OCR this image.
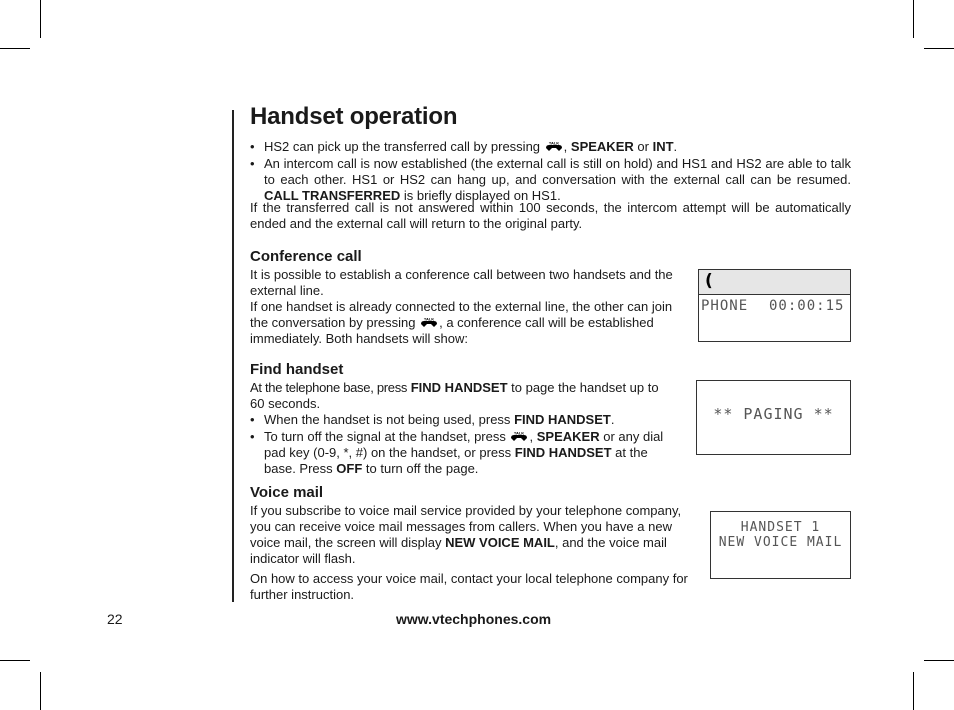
Handset operation
• HS2 can pick up the transferred call by pressing TALK , SPEAKER or INT.
• An intercom call is now established (the external call is still on hold) and HS1 and HS2 are able to talk to each other. HS1 or HS2 can hang up, and conversation with the external call can be resumed. CALL TRANSFERRED is briefly displayed on HS1.

If the transferred call is not answered within 100 seconds, the intercom attempt will be automatically ended and the external call will return to the original party.

Conference call

It is possible to establish a conference call between two handsets and the external line.
If one handset is already connected to the external line, the other can join the conversation by pressing TALK , a conference call will be established immediately. Both handsets will show:

(
PHONE 00:00:15
Find handset

At the telephone base, press FIND HANDSET to page the handset up to 60 seconds.

• When the handset is not being used, press FIND HANDSET.
• To turn off the signal at the handset, press TALK , SPEAKER or any dial pad key (0-9, *, #) on the handset, or press FIND HANDSET at the base. Press OFF to turn off the page.
** PAGING **
Voice mail

If you subscribe to voice mail service provided by your telephone company, you can receive voice mail messages from callers. When you have a new voice mail, the screen will display NEW VOICE MAIL, and the voice mail indicator will flash.

On how to access your voice mail, contact your local telephone company for further instruction.

HANDSET 1
NEW VOICE MAIL
22	www.vtechphones.com
